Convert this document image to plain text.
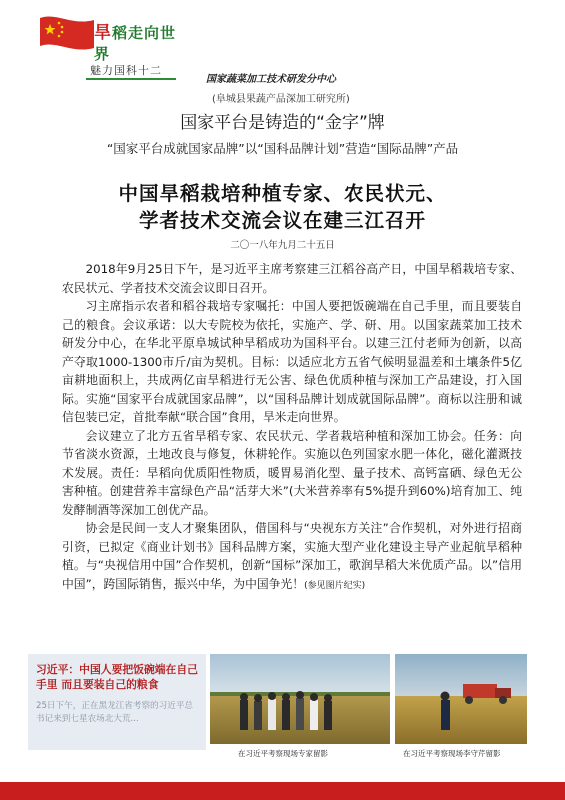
旱稻走向世界
魅力国科十二
国家蔬菜加工技术研发分中心
(阜城县果蔬产品深加工研究所)
国家平台是铸造的“金字”牌
“国家平台成就国家品牌”以“国科品牌计划”营造“国际品牌”产品
中国旱稻栽培种植专家、农民状元、
学者技术交流会议在建三江召开
二〇一八年九月二十五日

2018年9月25日下午，是习近平主席考察建三江稻谷高产日，中国旱稻栽培专家、农民状元、学者技术交流会议即日召开。

习主席指示农者和稻谷栽培专家嘱托：中国人要把饭碗端在自己手里，而且要装自己的粮食。会议承诺：以大专院校为依托，实施产、学、研、用。以国家蔬菜加工技术研发分中心，在华北平原阜城试种旱稻成功为国科平台。以建三江付老师为创新，以高产夺取1000-1300市斤/亩为契机。目标：以适应北方五省气候明显温差和土壤条件5亿亩耕地面积上，共成两亿亩旱稻进行无公害、绿色优质种植与深加工产品建设，打入国际。实施“国家平台成就国家品牌”，以“国科品牌计划成就国际品牌”。商标以注册和诚信包装已定，首批奉献“联合国”食用，旱米走向世界。

会议建立了北方五省旱稻专家、农民状元、学者栽培种植和深加工协会。任务：向节省淡水资源，土地改良与修复，休耕轮作。实施以色列国家水肥一体化，磁化灌溉技术发展。责任：旱稻向优质阳性物质，暖胃易消化型、量子技术、高钙富硒、绿色无公害种植。创建营养丰富绿色产品“活芽大米”(大米营养率有5%提升到60%)培育加工、纯发酵制酒等深加工创优产品。

协会是民间一支人才聚集团队，借国科与“央视东方关注”合作契机，对外进行招商引资，已拟定《商业计划书》国科品牌方案，实施大型产业化建设主导产业起航旱稻种植。与“央视信用中国”合作契机，创新“国标”深加工，歌润旱稻大米优质产品。以”信用中国”，跨国际销售，振兴中华，为中国争光！(参见图片纪实)

习近平：中国人要把饭碗端在自己手里 而且要装自己的粮食
25日下午，正在黑龙江省考察的习近平总书记来到七星农场北大荒...
在习近平考察现场专家留影	在习近平考察现场李守芹留影
